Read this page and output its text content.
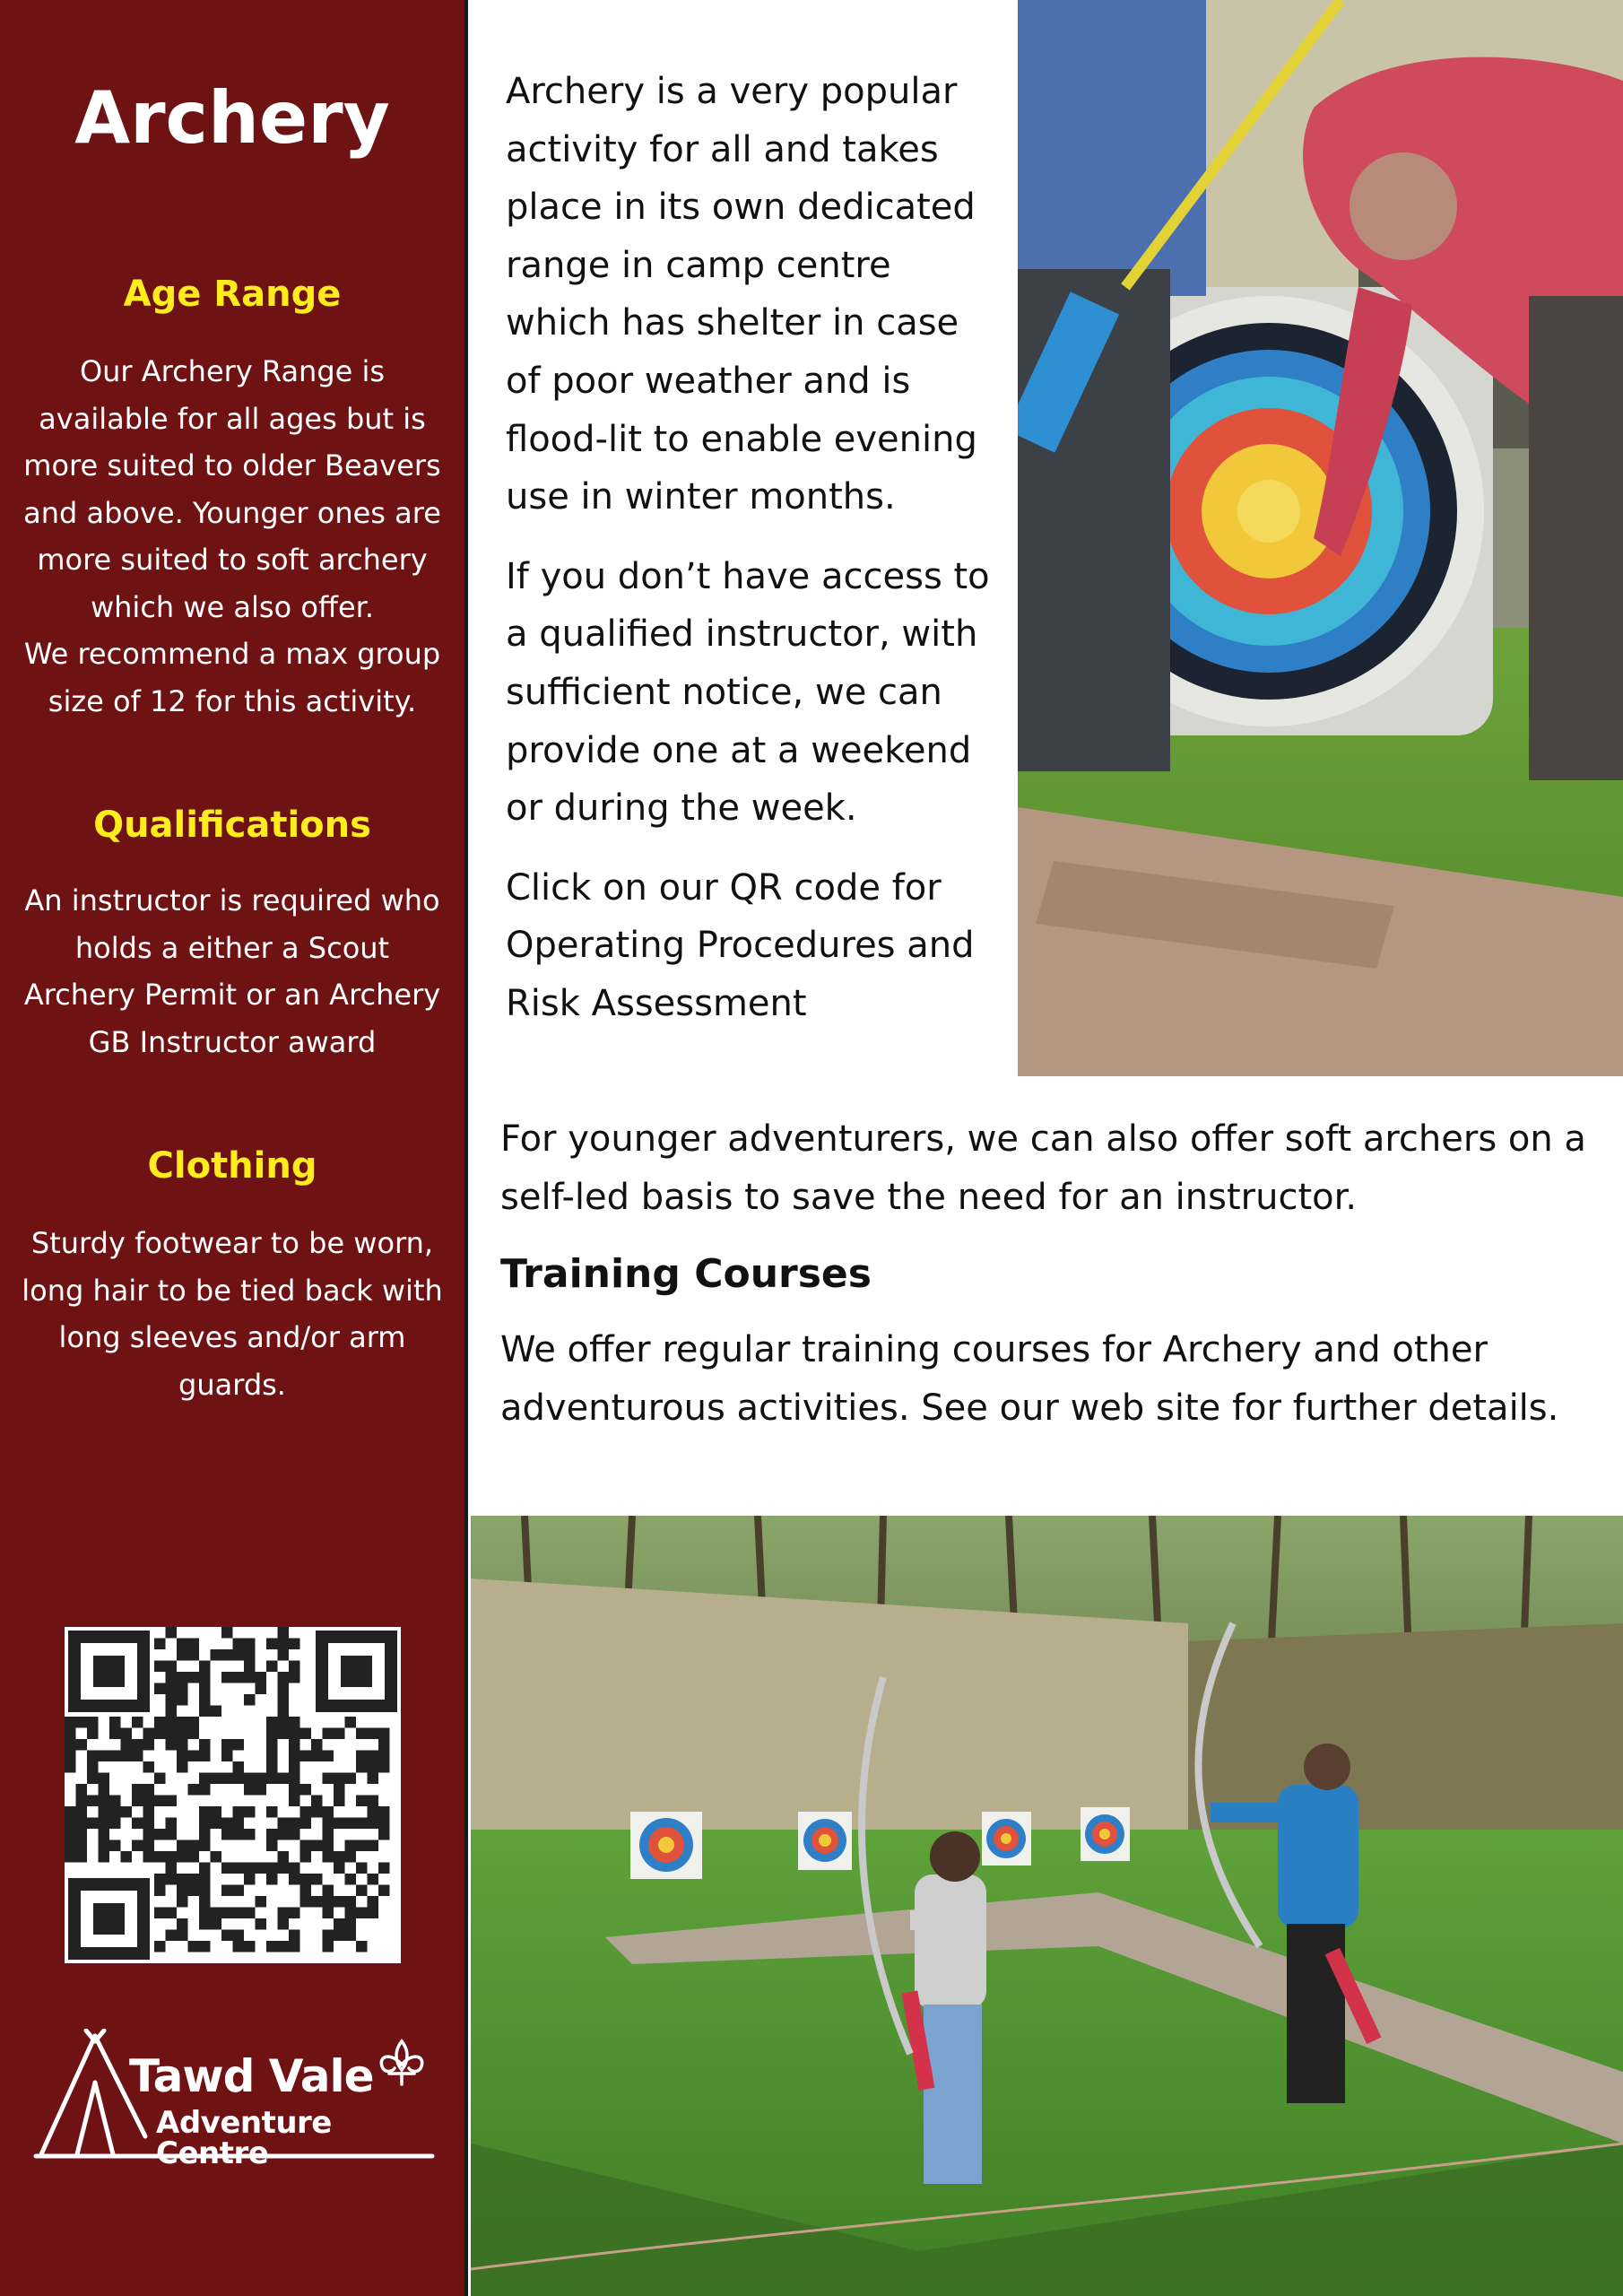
Archery
Age Range
Our Archery Range is available for all ages but is more suited to older Beavers and above. Younger ones are more suited to soft archery which we also offer.
We recommend a max group size of 12 for this activity.
Qualifications
An instructor is required who holds a either a Scout Archery Permit or an Archery GB Instructor award
Clothing
Sturdy footwear to be worn, long hair to be tied back with long sleeves and/or arm guards.
Tawd Vale
Adventure Centre

Archery is a very popular activity for all and takes place in its own dedicated range in camp centre which has shelter in case of poor weather and is flood-lit to enable evening use in winter months.

If you don’t have access to a qualified instructor, with sufficient notice, we can provide one at a weekend or during the week.

Click on our QR code for Operating Procedures and Risk Assessment

For younger adventurers, we can also offer soft archers on a self-led basis to save the need for an instructor.

Training Courses

We offer regular training courses for Archery and other adventurous activities. See our web site for further details.
